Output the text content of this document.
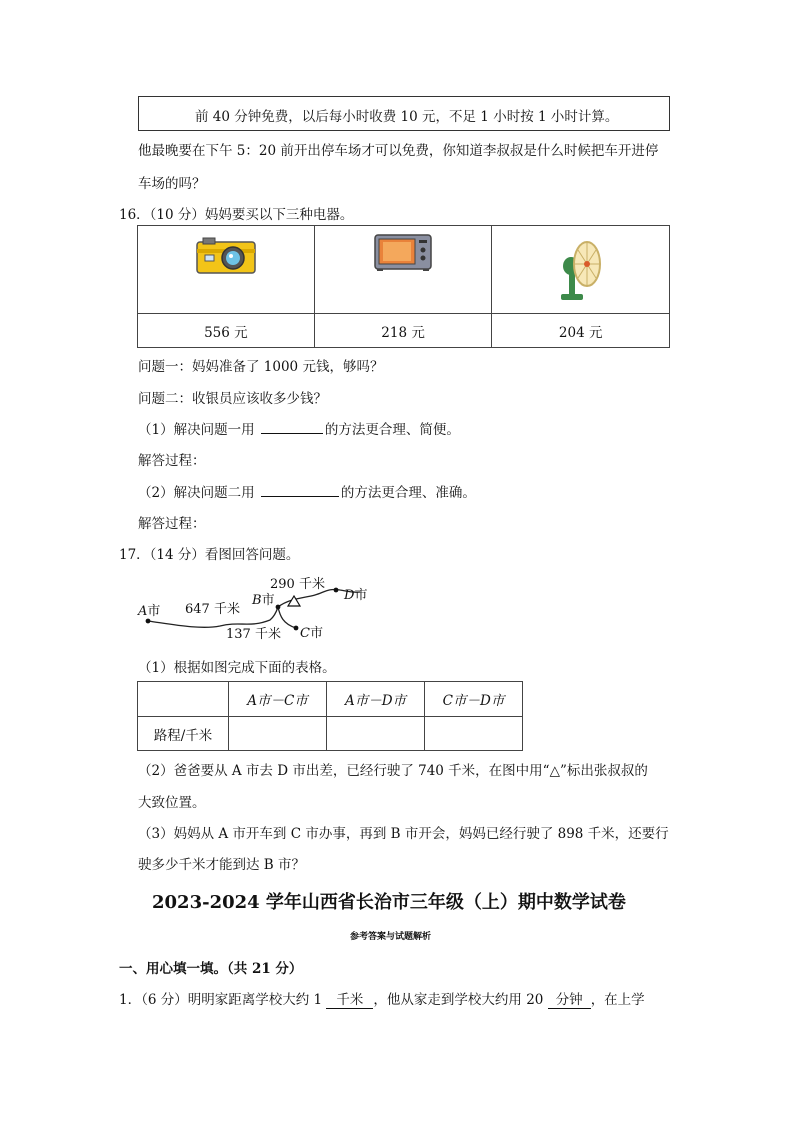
前 40 分钟免费，以后每小时收费 10 元，不足 1 小时按 1 小时计算。
他最晚要在下午 5：20 前开出停车场才可以免费，你知道李叔叔是什么时候把车开进停
车场的吗？
16．（10 分）妈妈要买以下三种电器。

556 元	218 元	204 元
问题一：妈妈准备了 1000 元钱，够吗？
问题二：收银员应该收多少钱？
（1）解决问题一用	的方法更合理、简便。
解答过程：
（2）解决问题二用	的方法更合理、准确。
解答过程：
17．（14 分）看图回答问题。
A市 647 千米
B市
290 千米
D市
137 千米 C市
（1）根据如图完成下面的表格。
	A市－C市	A市－D市	C市－D市
路程/千米			
（2）爸爸要从 A 市去 D 市出差，已经行驶了 740 千米，在图中用“△”标出张叔叔的
大致位置。
（3）妈妈从 A 市开车到 C 市办事，再到 B 市开会，妈妈已经行驶了 898 千米，还要行
驶多少千米才能到达 B 市？
2023-2024 学年山西省长治市三年级（上）期中数学试卷
参考答案与试题解析
一、用心填一填。（共 21 分）
1．（6 分）明明家距离学校大约 1 千米 ，他从家走到学校大约用 20 分钟 ，在上学
